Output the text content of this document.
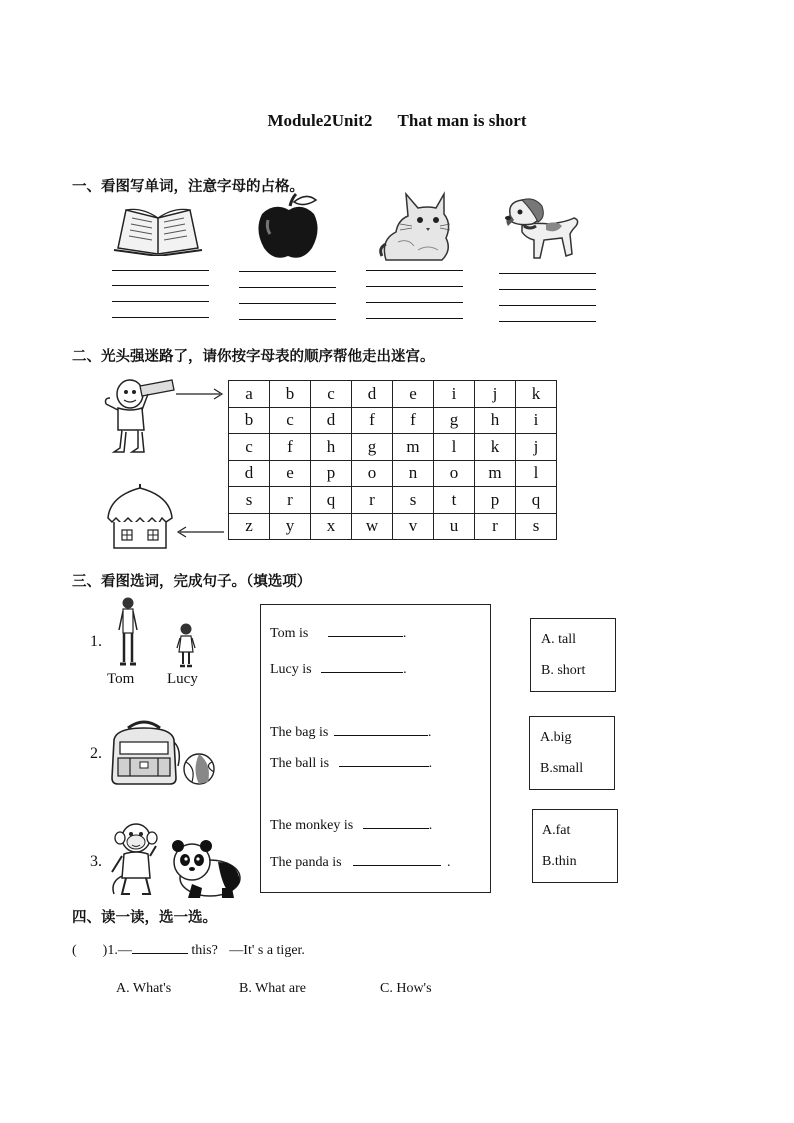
Module2Unit2      That man is short
一、看图写单词，注意字母的占格。
二、光头强迷路了，请你按字母表的顺序帮他走出迷宫。
a	b	c	d	e	i	j	k
b	c	d	f	f	g	h	i
c	f	h	g	m	l	k	j
d	e	p	o	n	o	m	l
s	r	q	r	s	t	p	q
z	y	x	w	v	u	r	s
三、看图选词，完成句子。（填选项）
1.
Tom Lucy
2.
3.
Tom is	.
Lucy is	.
The bag is	.
The ball is	.
The monkey is	.
The panda is	.
A. tall
B. short
A.big
B.small
A.fat
B.thin
四、读一读，选一选。
( )1.—	this? —It' s a tiger.
A. What's	B. What are	C. How's
